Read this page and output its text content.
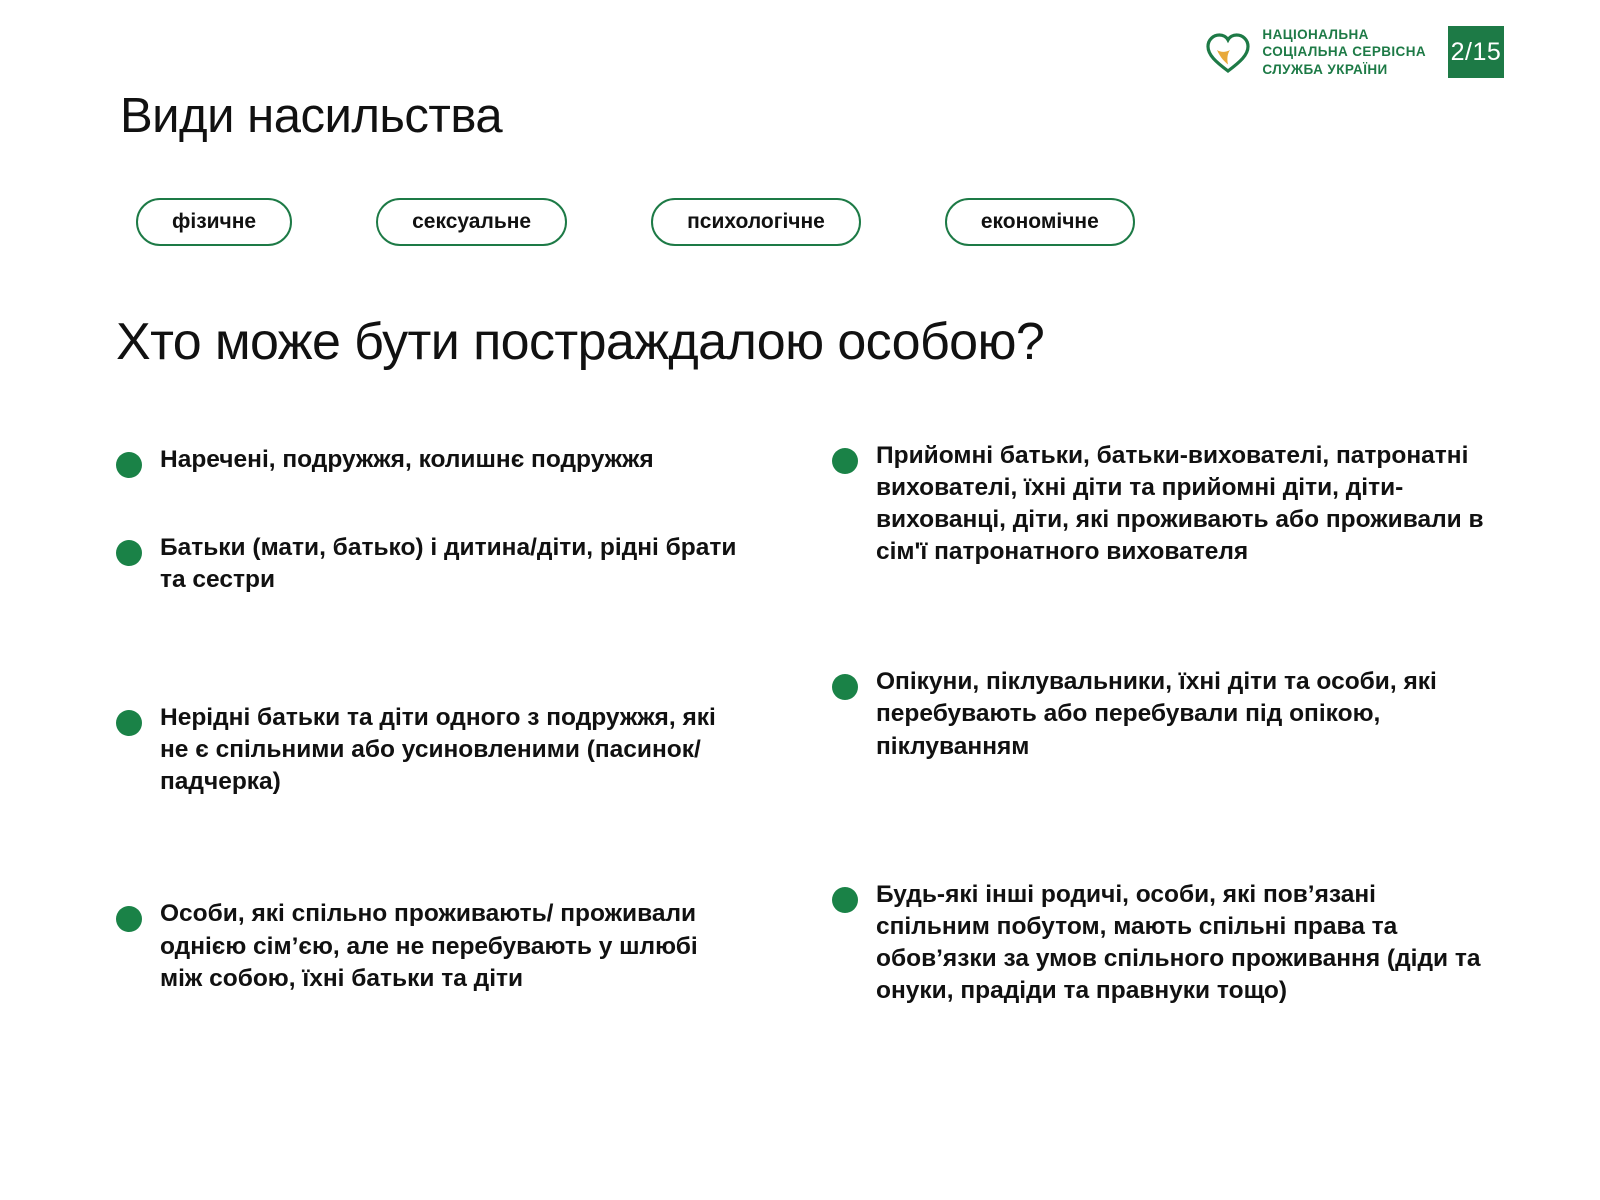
НАЦІОНАЛЬНА
СОЦІАЛЬНА СЕРВІСНА
СЛУЖБА УКРАЇНИ
2/15
Види насильства
фізичне	сексуальне	психологічне	економічне
Хто може бути постраждалою особою?
Наречені, подружжя, колишнє подружжя
Батьки (мати, батько) і дитина/діти, рідні брати та сестри
Нерідні батьки та діти одного з подружжя, які не є спільними або усиновленими (пасинок/падчерка)
Особи, які спільно проживають/ проживали однією сім’єю, але не перебувають у шлюбі між собою, їхні батьки та діти
Прийомні батьки, батьки-вихователі, патронатні вихователі, їхні діти та прийомні діти, діти-вихованці, діти, які проживають або проживали в сім'ї патронатного вихователя
Опікуни, піклувальники, їхні діти та особи, які перебувають або перебували під опікою, піклуванням
Будь-які інші родичі, особи, які пов’язані спільним побутом, мають спільні права та обов’язки за умов спільного проживання (діди та онуки, прадіди та правнуки тощо)
